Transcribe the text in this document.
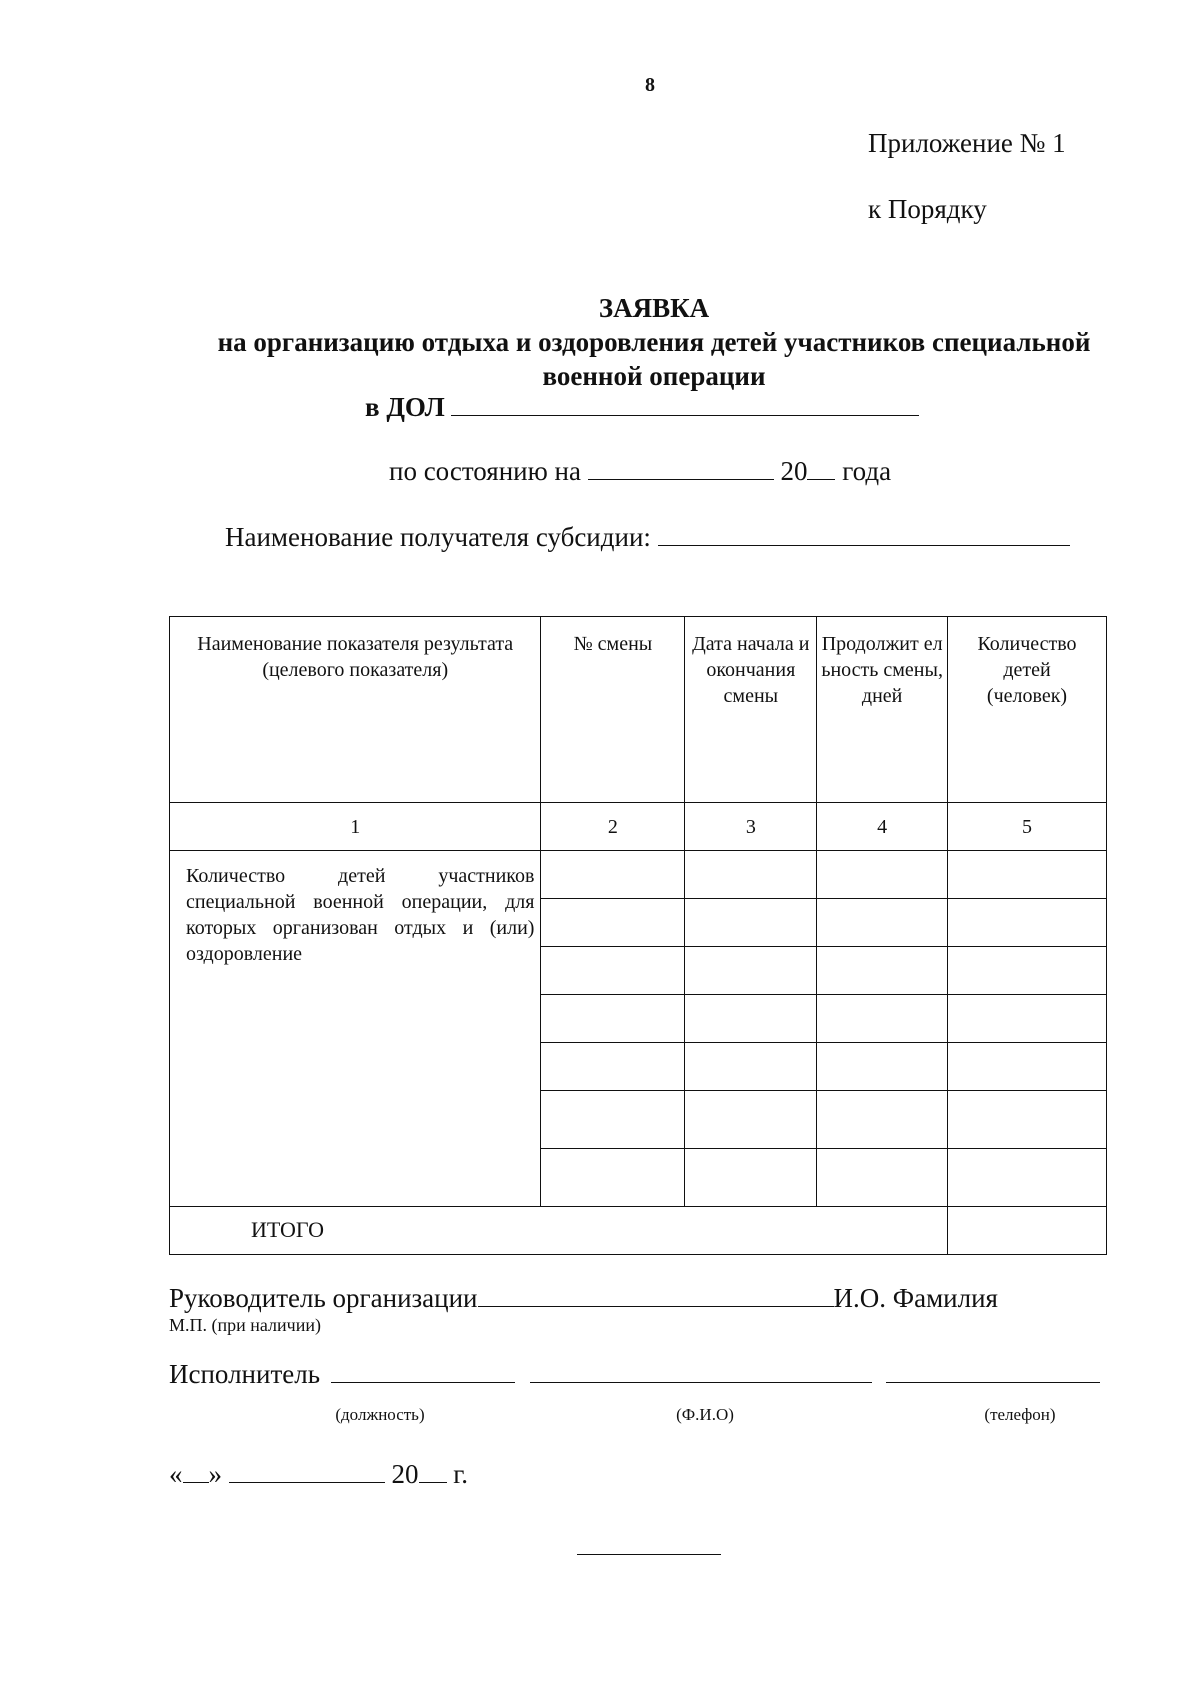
8
Приложение № 1
к Порядку
ЗАЯВКА
на организацию отдыха и оздоровления детей участников специальной
военной операции
в ДОЛ
по состоянию на	20 года
Наименование получателя субсидии:
Наименование показателя результата (целевого показателя)	№ смены	Дата начала и окончания смены	Продолжит ельность смены, дней	Количество детей (человек)
1	2	3	4	5
Количество детей участников специальной военной операции, для которых организован отдых и (или) оздоровление				

ИТОГО				
Руководитель организации	И.О. Фамилия
М.П. (при наличии)
Исполнитель
(должность)	(Ф.И.О)	(телефон)
« »	20 г.
